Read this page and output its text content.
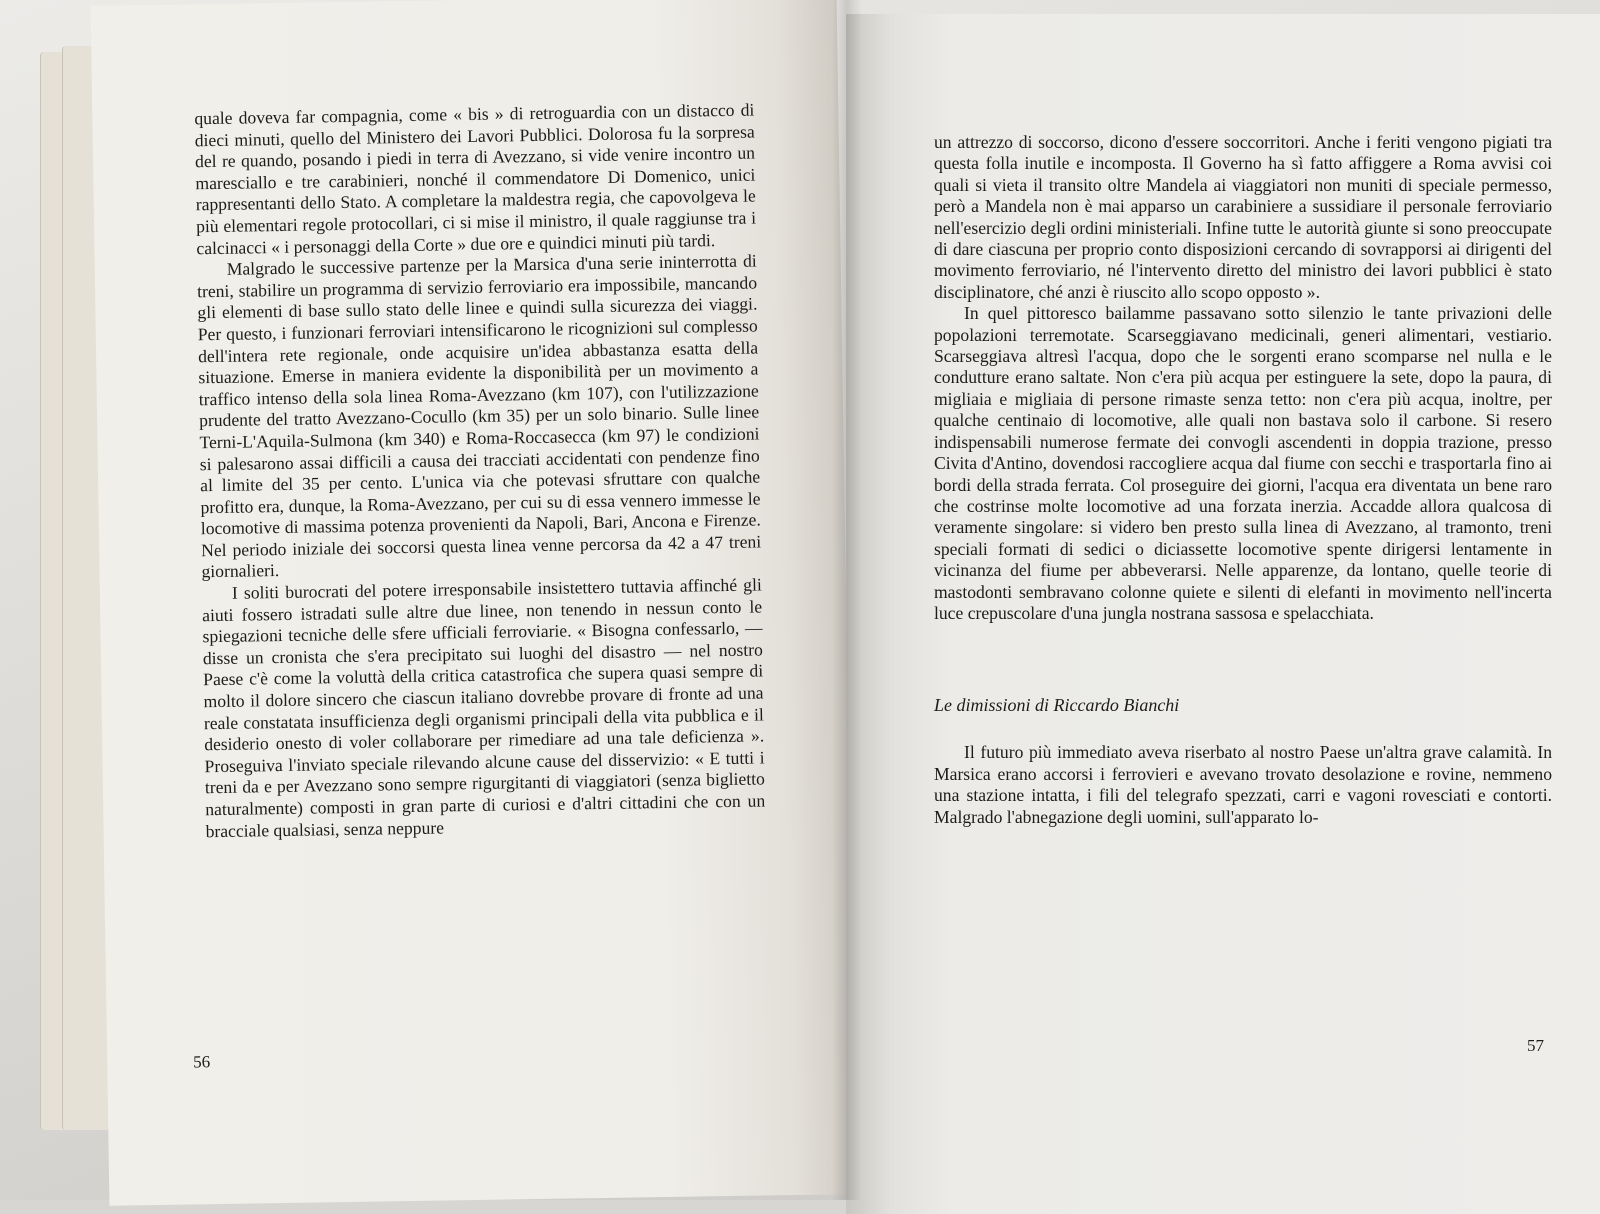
quale doveva far compagnia, come « bis » di retroguardia con un distacco di dieci minuti, quello del Ministero dei Lavori Pubblici. Dolorosa fu la sorpresa del re quando, posando i piedi in terra di Avezzano, si vide venire incontro un maresciallo e tre carabinieri, nonché il commendatore Di Domenico, unici rappresentanti dello Stato. A completare la maldestra regia, che capovolgeva le più elementari regole protocollari, ci si mise il ministro, il quale raggiunse tra i calcinacci « i personaggi della Corte » due ore e quindici minuti più tardi.

Malgrado le successive partenze per la Marsica d'una serie ininterrotta di treni, stabilire un programma di servizio ferroviario era impossibile, mancando gli elementi di base sullo stato delle linee e quindi sulla sicurezza dei viaggi. Per questo, i funzionari ferroviari intensificarono le ricognizioni sul complesso dell'intera rete regionale, onde acquisire un'idea abbastanza esatta della situazione. Emerse in maniera evidente la disponibilità per un movimento a traffico intenso della sola linea Roma-Avezzano (km 107), con l'utilizzazione prudente del tratto Avezzano-Cocullo (km 35) per un solo binario. Sulle linee Terni-L'Aquila-Sulmona (km 340) e Roma-Roccasecca (km 97) le condizioni si palesarono assai difficili a causa dei tracciati accidentati con pendenze fino al limite del 35 per cento. L'unica via che potevasi sfruttare con qualche profitto era, dunque, la Roma-Avezzano, per cui su di essa vennero immesse le locomotive di massima potenza provenienti da Napoli, Bari, Ancona e Firenze. Nel periodo iniziale dei soccorsi questa linea venne percorsa da 42 a 47 treni giornalieri.

I soliti burocrati del potere irresponsabile insistettero tuttavia affinché gli aiuti fossero istradati sulle altre due linee, non tenendo in nessun conto le spiegazioni tecniche delle sfere ufficiali ferroviarie. « Bisogna confessarlo, — disse un cronista che s'era precipitato sui luoghi del disastro — nel nostro Paese c'è come la voluttà della critica catastrofica che supera quasi sempre di molto il dolore sincero che ciascun italiano dovrebbe provare di fronte ad una reale constatata insufficienza degli organismi principali della vita pubblica e il desiderio onesto di voler collaborare per rimediare ad una tale deficienza ». Proseguiva l'inviato speciale rilevando alcune cause del disservizio: « E tutti i treni da e per Avezzano sono sempre rigurgitanti di viaggiatori (senza biglietto naturalmente) composti in gran parte di curiosi e d'altri cittadini che con un bracciale qualsiasi, senza neppure

56

un attrezzo di soccorso, dicono d'essere soccorritori. Anche i feriti vengono pigiati tra questa folla inutile e incomposta. Il Governo ha sì fatto affiggere a Roma avvisi coi quali si vieta il transito oltre Mandela ai viaggiatori non muniti di speciale permesso, però a Mandela non è mai apparso un carabiniere a sussidiare il personale ferroviario nell'esercizio degli ordini ministeriali. Infine tutte le autorità giunte si sono preoccupate di dare ciascuna per proprio conto disposizioni cercando di sovrapporsi ai dirigenti del movimento ferroviario, né l'intervento diretto del ministro dei lavori pubblici è stato disciplinatore, ché anzi è riuscito allo scopo opposto ».

In quel pittoresco bailamme passavano sotto silenzio le tante privazioni delle popolazioni terremotate. Scarseggiavano medicinali, generi alimentari, vestiario. Scarseggiava altresì l'acqua, dopo che le sorgenti erano scomparse nel nulla e le condutture erano saltate. Non c'era più acqua per estinguere la sete, dopo la paura, di migliaia e migliaia di persone rimaste senza tetto: non c'era più acqua, inoltre, per qualche centinaio di locomotive, alle quali non bastava solo il carbone. Si resero indispensabili numerose fermate dei convogli ascendenti in doppia trazione, presso Civita d'Antino, dovendosi raccogliere acqua dal fiume con secchi e trasportarla fino ai bordi della strada ferrata. Col proseguire dei giorni, l'acqua era diventata un bene raro che costrinse molte locomotive ad una forzata inerzia. Accadde allora qualcosa di veramente singolare: si videro ben presto sulla linea di Avezzano, al tramonto, treni speciali formati di sedici o diciassette locomotive spente dirigersi lentamente in vicinanza del fiume per abbeverarsi. Nelle apparenze, da lontano, quelle teorie di mastodonti sembravano colonne quiete e silenti di elefanti in movimento nell'incerta luce crepuscolare d'una jungla nostrana sassosa e spelacchiata.

Le dimissioni di Riccardo Bianchi

Il futuro più immediato aveva riserbato al nostro Paese un'altra grave calamità. In Marsica erano accorsi i ferrovieri e avevano trovato desolazione e rovine, nemmeno una stazione intatta, i fili del telegrafo spezzati, carri e vagoni rovesciati e contorti. Malgrado l'abnegazione degli uomini, sull'apparato lo-

57
